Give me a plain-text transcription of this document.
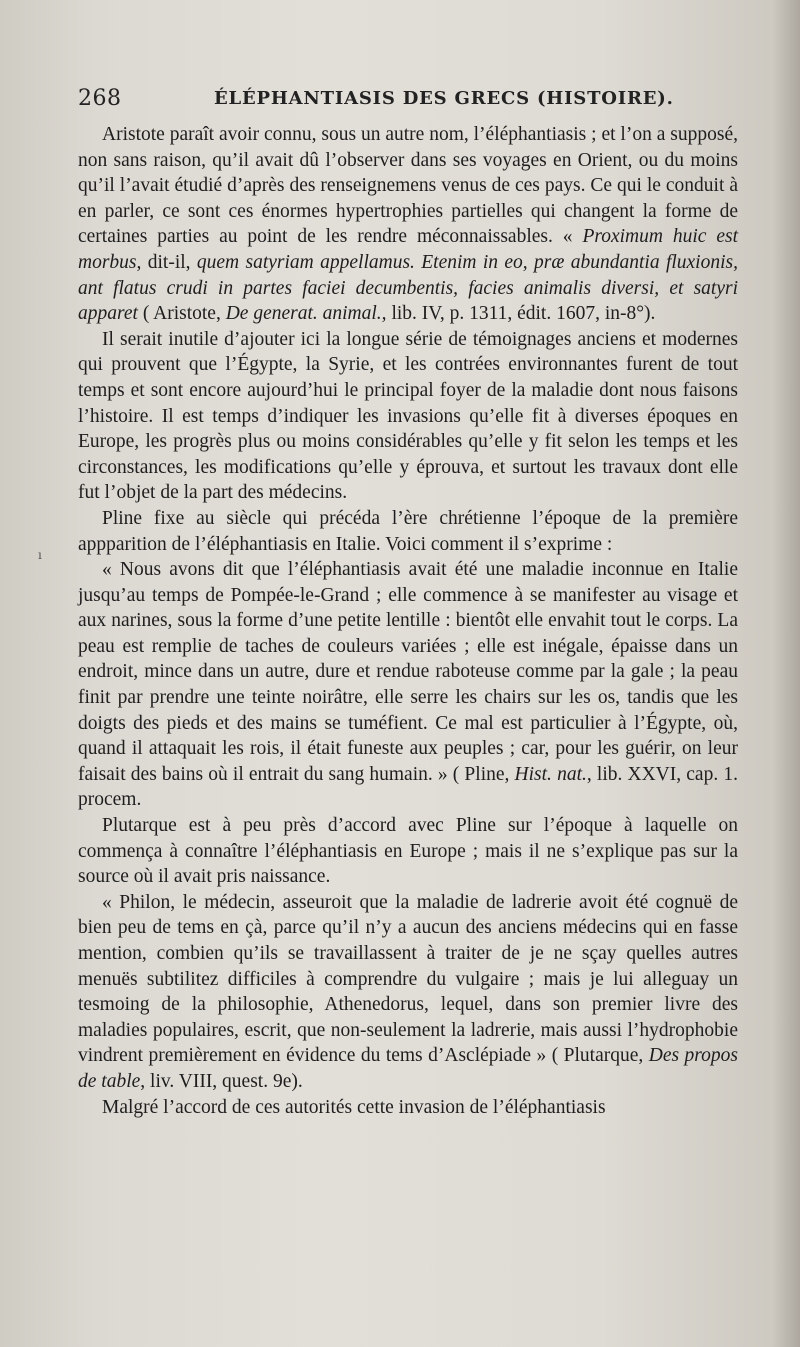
268	ÉLÉPHANTIASIS DES GRECS (HISTOIRE).

Aristote paraît avoir connu, sous un autre nom, l’éléphantiasis ; et l’on a supposé, non sans raison, qu’il avait dû l’observer dans ses voyages en Orient, ou du moins qu’il l’avait étudié d’après des renseignemens venus de ces pays. Ce qui le conduit à en parler, ce sont ces énormes hypertrophies partielles qui changent la forme de certaines parties au point de les rendre méconnaissables. « Proximum huic est morbus, dit-il, quem satyriam appellamus. Etenim in eo, præ abundantia fluxionis, ant flatus crudi in partes faciei decumbentis, facies animalis diversi, et satyri apparet ( Aristote, De generat. animal., lib. IV, p. 1311, édit. 1607, in-8°).

Il serait inutile d’ajouter ici la longue série de témoignages anciens et modernes qui prouvent que l’Égypte, la Syrie, et les contrées environnantes furent de tout temps et sont encore aujourd’hui le principal foyer de la maladie dont nous faisons l’histoire. Il est temps d’indiquer les invasions qu’elle fit à diverses époques en Europe, les progrès plus ou moins considérables qu’elle y fit selon les temps et les circonstances, les modifications qu’elle y éprouva, et surtout les travaux dont elle fut l’objet de la part des médecins.

Pline fixe au siècle qui précéda l’ère chrétienne l’époque de la première appparition de l’éléphantiasis en Italie. Voici comment il s’exprime :

« Nous avons dit que l’éléphantiasis avait été une maladie inconnue en Italie jusqu’au temps de Pompée-le-Grand ; elle commence à se manifester au visage et aux narines, sous la forme d’une petite lentille : bientôt elle envahit tout le corps. La peau est remplie de taches de couleurs variées ; elle est inégale, épaisse dans un endroit, mince dans un autre, dure et rendue raboteuse comme par la gale ; la peau finit par prendre une teinte noirâtre, elle serre les chairs sur les os, tandis que les doigts des pieds et des mains se tuméfient. Ce mal est particulier à l’Égypte, où, quand il attaquait les rois, il était funeste aux peuples ; car, pour les guérir, on leur faisait des bains où il entrait du sang humain. » ( Pline, Hist. nat., lib. XXVI, cap. 1. procem.

Plutarque est à peu près d’accord avec Pline sur l’époque à laquelle on commença à connaître l’éléphantiasis en Europe ; mais il ne s’explique pas sur la source où il avait pris naissance.

« Philon, le médecin, asseuroit que la maladie de ladrerie avoit été cognuë de bien peu de tems en çà, parce qu’il n’y a aucun des anciens médecins qui en fasse mention, combien qu’ils se travaillassent à traiter de je ne sçay quelles autres menuës subtilitez difficiles à comprendre du vulgaire ; mais je lui alleguay un tesmoing de la philosophie, Athenedorus, lequel, dans son premier livre des maladies populaires, escrit, que non-seulement la ladrerie, mais aussi l’hydrophobie vindrent premièrement en évidence du tems d’Asclépiade » ( Plutarque, Des propos de table, liv. VIII, quest. 9e).

Malgré l’accord de ces autorités cette invasion de l’éléphantiasis

ı
